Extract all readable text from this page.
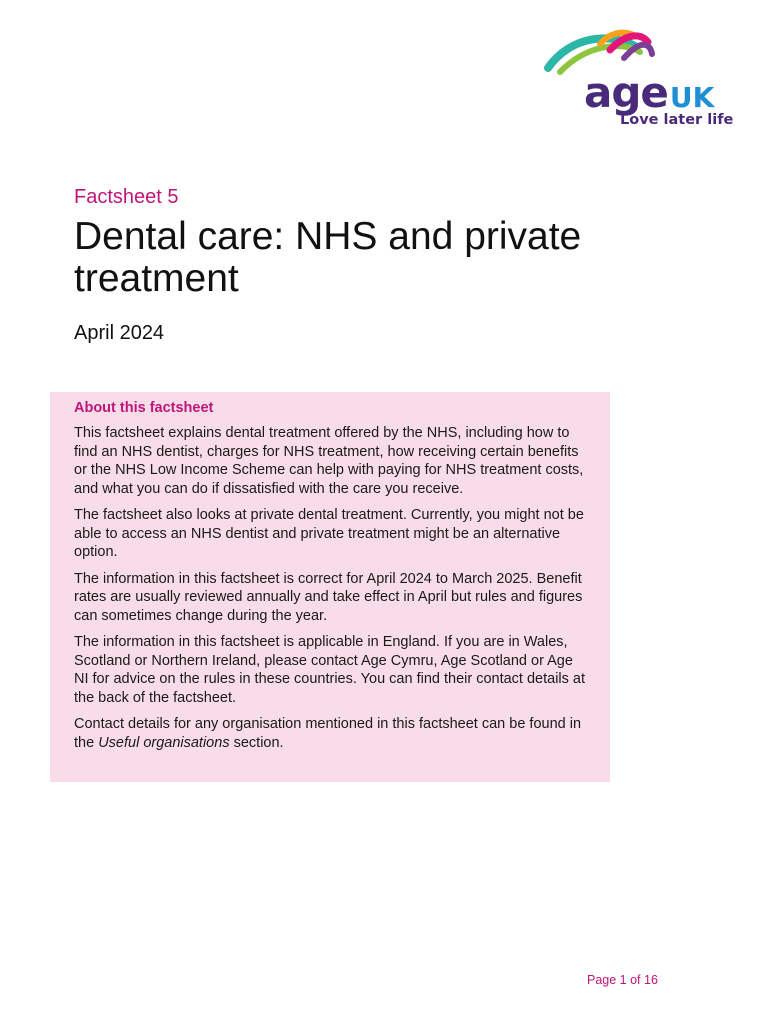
ageUK
Love later life
Factsheet 5
Dental care: NHS and private treatment
April 2024

About this factsheet

This factsheet explains dental treatment offered by the NHS, including how to find an NHS dentist, charges for NHS treatment, how receiving certain benefits or the NHS Low Income Scheme can help with paying for NHS treatment costs, and what you can do if dissatisfied with the care you receive.

The factsheet also looks at private dental treatment. Currently, you might not be able to access an NHS dentist and private treatment might be an alternative option.

The information in this factsheet is correct for April 2024 to March 2025. Benefit rates are usually reviewed annually and take effect in April but rules and figures can sometimes change during the year.

The information in this factsheet is applicable in England. If you are in Wales, Scotland or Northern Ireland, please contact Age Cymru, Age Scotland or Age NI for advice on the rules in these countries. You can find their contact details at the back of the factsheet.

Contact details for any organisation mentioned in this factsheet can be found in the Useful organisations section.

Page 1 of 16
